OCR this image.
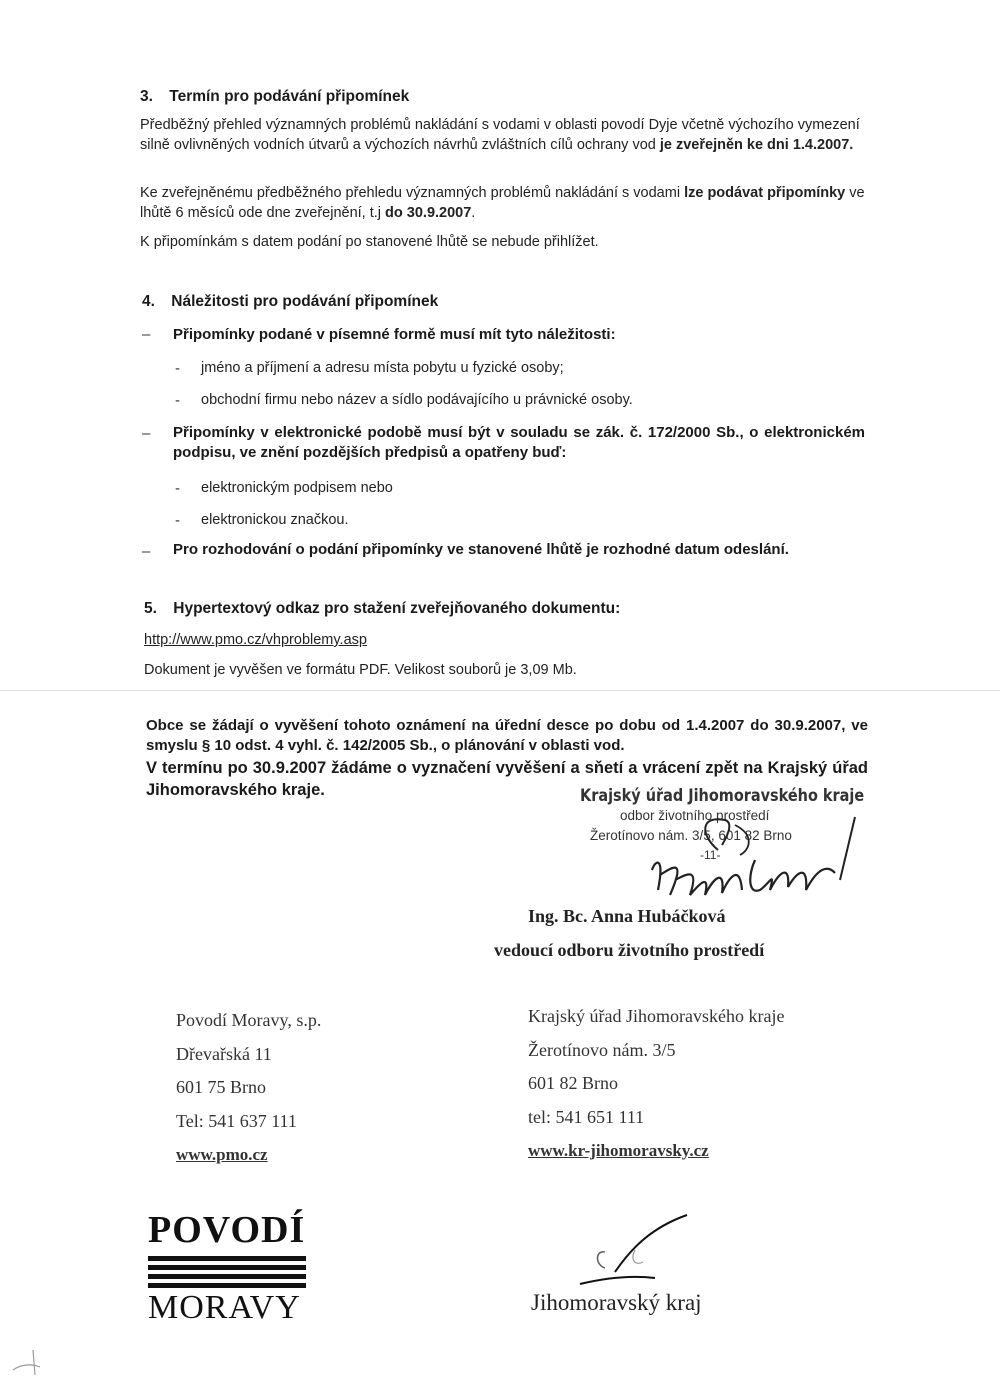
3. Termín pro podávání připomínek
Předběžný přehled významných problémů nakládání s vodami v oblasti povodí Dyje včetně výchozího vymezení silně ovlivněných vodních útvarů a výchozích návrhů zvláštních cílů ochrany vod je zveřejněn ke dni 1.4.2007.
Ke zveřejněnému předběžného přehledu významných problémů nakládání s vodami lze podávat připomínky ve lhůtě 6 měsíců ode dne zveřejnění, t.j do 30.9.2007.
K připomínkám s datem podání po stanovené lhůtě se nebude přihlížet.
4. Náležitosti pro podávání připomínek
– Připomínky podané v písemné formě musí mít tyto náležitosti:
- jméno a příjmení a adresu místa pobytu u fyzické osoby;
- obchodní firmu nebo název a sídlo podávajícího u právnické osoby.
– Připomínky v elektronické podobě musí být v souladu se zák. č. 172/2000 Sb., o elektronickém podpisu, ve znění pozdějších předpisů a opatřeny buď:
- elektronickým podpisem nebo
- elektronickou značkou.
– Pro rozhodování o podání připomínky ve stanovené lhůtě je rozhodné datum odeslání.
5. Hypertextový odkaz pro stažení zveřejňovaného dokumentu:
http://www.pmo.cz/vhproblemy.asp
Dokument je vyvěšen ve formátu PDF. Velikost souborů je 3,09 Mb.
Obce se žádají o vyvěšení tohoto oznámení na úřední desce po dobu od 1.4.2007 do 30.9.2007, ve smyslu § 10 odst. 4 vyhl. č. 142/2005 Sb., o plánování v oblasti vod.
V termínu po 30.9.2007 žádáme o vyznačení vyvěšení a sňetí a vrácení zpět na Krajský úřad Jihomoravského kraje.	Krajský úřad Jihomoravského kraje
odbor životního prostředí
Žerotínovo nám. 3/5, 601 82 Brno
-11-
Ing. Bc. Anna Hubáčková
vedoucí odboru životního prostředí
Povodí Moravy, s.p.
Dřevařská 11
601 75 Brno
Tel: 541 637 111
www.pmo.cz
Krajský úřad Jihomoravského kraje
Žerotínovo nám. 3/5
601 82 Brno
tel: 541 651 111
www.kr-jihomoravsky.cz
POVODÍ
MORAVY	Jihomoravský kraj
